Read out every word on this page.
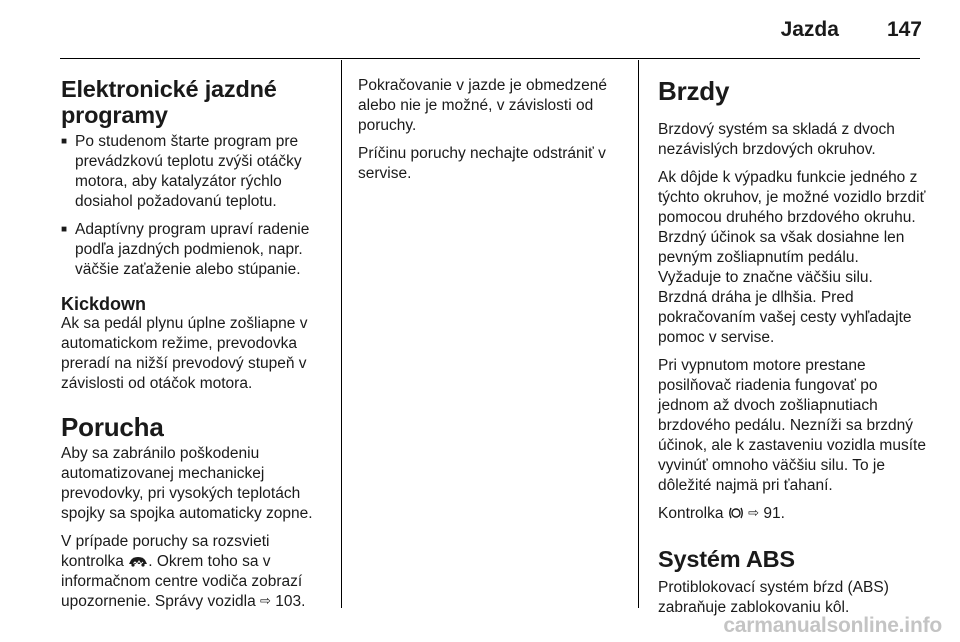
Jazda 147
Elektronické jazdné programy
■ Po studenom štarte program pre prevádzkovú teplotu zvýši otáčky motora, aby katalyzátor rýchlo dosiahol požadovanú teplotu.
■ Adaptívny program upraví radenie podľa jazdných podmienok, napr. väčšie zaťaženie alebo stúpanie.
Kickdown

Ak sa pedál plynu úplne zošliapne v automatickom režime, prevodovka preradí na nižší prevodový stupeň v závislosti od otáčok motora.

Porucha

Aby sa zabránilo poškodeniu automatizovanej mechanickej prevodovky, pri vysokých teplotách spojky sa spojka automaticky zopne.

V prípade poruchy sa rozsvieti kontrolka . Okrem toho sa v informačnom centre vodiča zobrazí upozornenie. Správy vozidla ⇨ 103.

Pokračovanie v jazde je obmedzené alebo nie je možné, v závislosti od poruchy.

Príčinu poruchy nechajte odstrániť v servise.

Brzdy

Brzdový systém sa skladá z dvoch nezávislých brzdových okruhov.

Ak dôjde k výpadku funkcie jedného z týchto okruhov, je možné vozidlo brzdiť pomocou druhého brzdového okruhu. Brzdný účinok sa však dosiahne len pevným zošliapnutím pedálu. Vyžaduje to značne väčšiu silu. Brzdná dráha je dlhšia. Pred pokračovaním vašej cesty vyhľadajte pomoc v servise.

Pri vypnutom motore prestane posilňovač riadenia fungovať po jednom až dvoch zošliapnutiach brzdového pedálu. Nezníži sa brzdný účinok, ale k zastaveniu vozidla musíte vyvinúť omnoho väčšiu silu. To je dôležité najmä pri ťahaní.

Kontrolka ⇨ 91.

Systém ABS

Protiblokovací systém bŕzd (ABS) zabraňuje zablokovaniu kôl.

carmanualsonline.info
